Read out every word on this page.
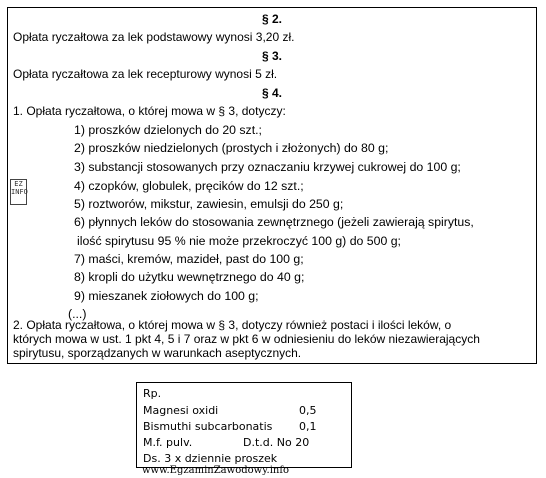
§ 2.
Opłata ryczałtowa za lek podstawowy wynosi 3,20 zł.
§ 3.
Opłata ryczałtowa za lek recepturowy wynosi 5 zł.
§ 4.
1. Opłata ryczałtowa, o której mowa w § 3, dotyczy:
1) proszków dzielonych do 20 szt.;
2) proszków niedzielonych (prostych i złożonych) do 80 g;
3) substancji stosowanych przy oznaczaniu krzywej cukrowej do 100 g;
4) czopków, globulek, pręcików do 12 szt.;
5) roztworów, mikstur, zawiesin, emulsji do 250 g;
6) płynnych leków do stosowania zewnętrznego (jeżeli zawierają spirytus,
ilość spirytusu 95 % nie może przekroczyć 100 g) do 500 g;
7) maści, kremów, mazideł, past do 100 g;
8) kropli do użytku wewnętrznego do 40 g;
9) mieszanek ziołowych do 100 g;
(...)
2. Opłata ryczałtowa, o której mowa w § 3, dotyczy również postaci i ilości leków, o
których mowa w ust. 1 pkt 4, 5 i 7 oraz w pkt 6 w odniesieniu do leków niezawierających
spirytusu, sporządzanych w warunkach aseptycznych.
EZ INFO
Rp.
Magnesi oxidi	0,5
Bismuthi subcarbonatis 0,1
M.f. pulv.	D.t.d. No 20
Ds. 3 x dziennie proszek
www.EgzaminZawodowy.info
